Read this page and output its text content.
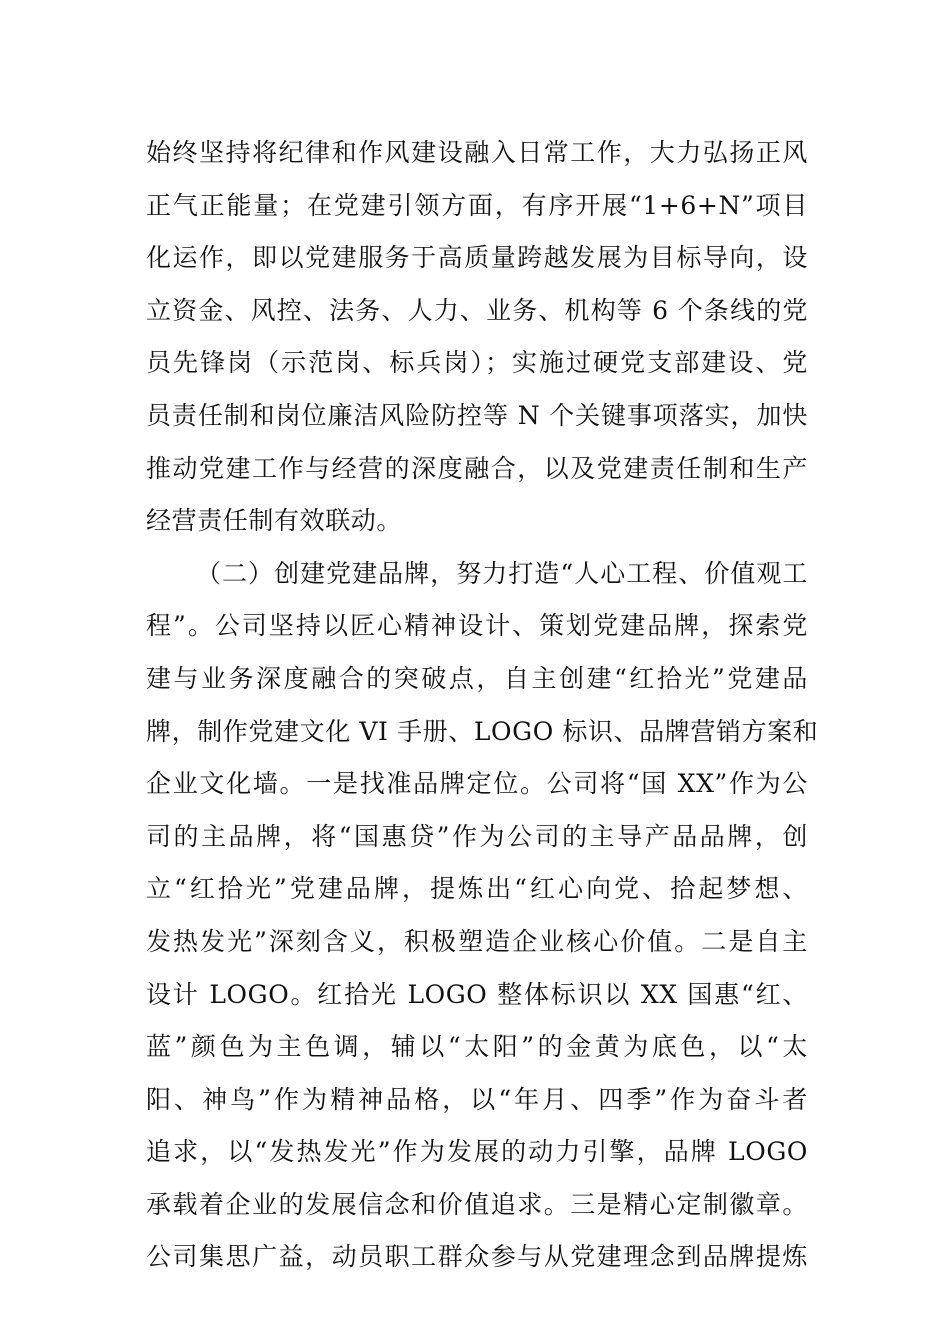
始终坚持将纪律和作风建设融入日常工作，大力弘扬正风
正气正能量；在党建引领方面，有序开展“1+6+N”项目
化运作，即以党建服务于高质量跨越发展为目标导向，设
立资金、风控、法务、人力、业务、机构等 6 个条线的党
员先锋岗（示范岗、标兵岗）；实施过硬党支部建设、党
员责任制和岗位廉洁风险防控等 N 个关键事项落实，加快
推动党建工作与经营的深度融合，以及党建责任制和生产
经营责任制有效联动。
（二）创建党建品牌，努力打造“人心工程、价值观工
程”。公司坚持以匠心精神设计、策划党建品牌，探索党
建与业务深度融合的突破点，自主创建“红拾光”党建品
牌，制作党建文化 VI 手册、LOGO 标识、品牌营销方案和
企业文化墙。一是找准品牌定位。公司将“国 XX”作为公
司的主品牌，将“国惠贷”作为公司的主导产品品牌，创
立“红拾光”党建品牌，提炼出“红心向党、拾起梦想、
发热发光”深刻含义，积极塑造企业核心价值。二是自主
设计 LOGO。红拾光 LOGO 整体标识以 XX 国惠“红、
蓝”颜色为主色调，辅以“太阳”的金黄为底色，以“太
阳、神鸟”作为精神品格，以“年月、四季”作为奋斗者
追求，以“发热发光”作为发展的动力引擎，品牌 LOGO
承载着企业的发展信念和价值追求。三是精心定制徽章。
公司集思广益，动员职工群众参与从党建理念到品牌提炼
